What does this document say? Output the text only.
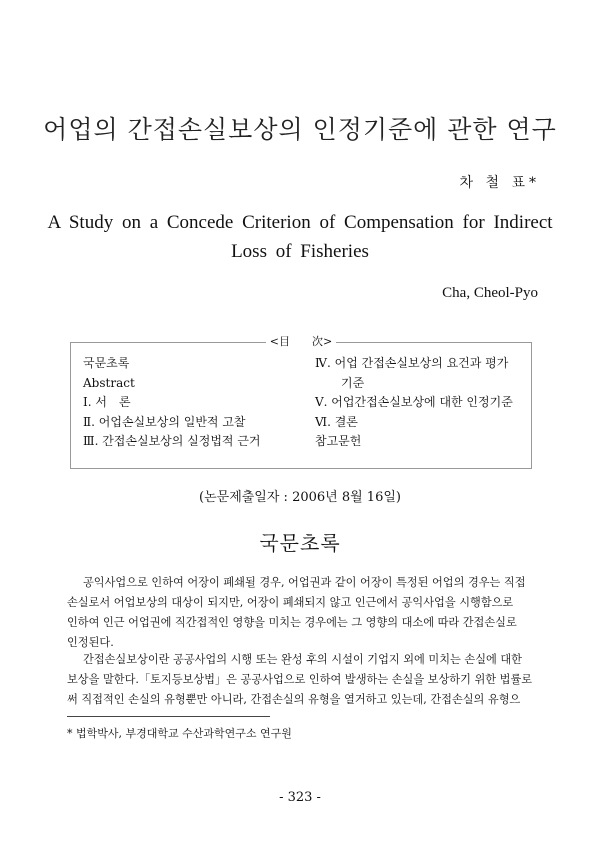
어업의 간접손실보상의 인정기준에 관한 연구
차 철 표*
A Study on a Concede Criterion of Compensation for Indirect
Loss of Fisheries
Cha, Cheol-Pyo
<目　　次>
국문초록
Abstract
Ⅰ. 서　론
Ⅱ. 어업손실보상의 일반적 고찰
Ⅲ. 간접손실보상의 실정법적 근거
Ⅳ. 어업 간접손실보상의 요건과 평가
기준
Ⅴ. 어업간접손실보상에 대한 인정기준
Ⅵ. 결론
참고문헌
(논문제출일자 : 2006년 8월 16일)
국문초록

공익사업으로 인하여 어장이 폐쇄될 경우, 어업권과 같이 어장이 특정된 어업의 경우는 직접
손실로서 어업보상의 대상이 되지만, 어장이 폐쇄되지 않고 인근에서 공익사업을 시행함으로
인하여 인근 어업권에 직간접적인 영향을 미치는 경우에는 그 영향의 대소에 따라 간접손실로
인정된다.

간접손실보상이란 공공사업의 시행 또는 완성 후의 시설이 기업지 외에 미치는 손실에 대한
보상을 말한다.「토지등보상법」은 공공사업으로 인하여 발생하는 손실을 보상하기 위한 법률로
써 직접적인 손실의 유형뿐만 아니라, 간접손실의 유형을 열거하고 있는데, 간접손실의 유형으

* 법학박사, 부경대학교 수산과학연구소 연구원
- 323 -
